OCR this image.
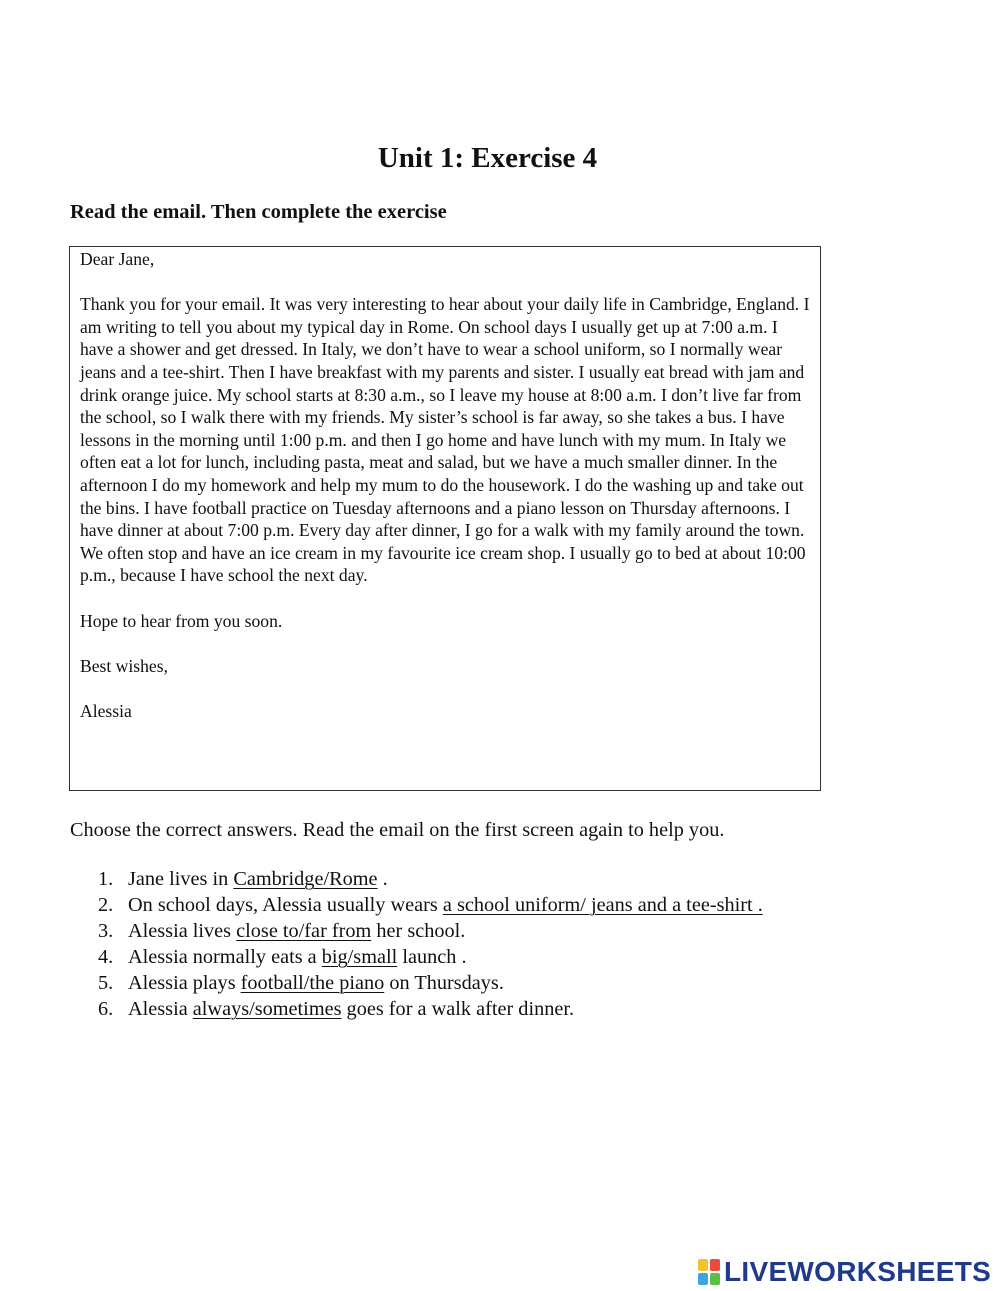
Unit 1: Exercise 4
Read the email. Then complete the exercise

Dear Jane,

Thank you for your email. It was very interesting to hear about your daily life in Cambridge, England. I am writing to tell you about my typical day in Rome. On school days I usually get up at 7:00 a.m. I have a shower and get dressed. In Italy, we don’t have to wear a school uniform, so I normally wear jeans and a tee-shirt. Then I have breakfast with my parents and sister. I usually eat bread with jam and drink orange juice. My school starts at 8:30 a.m., so I leave my house at 8:00 a.m. I don’t live far from the school, so I walk there with my friends. My sister’s school is far away, so she takes a bus. I have lessons in the morning until 1:00 p.m. and then I go home and have lunch with my mum. In Italy we often eat a lot for lunch, including pasta, meat and salad, but we have a much smaller dinner. In the afternoon I do my homework and help my mum to do the housework. I do the washing up and take out the bins. I have football practice on Tuesday afternoons and a piano lesson on Thursday afternoons. I have dinner at about 7:00 p.m. Every day after dinner, I go for a walk with my family around the town. We often stop and have an ice cream in my favourite ice cream shop. I usually go to bed at about 10:00 p.m., because I have school the next day.

Hope to hear from you soon.

Best wishes,

Alessia

Choose the correct answers. Read the email on the first screen again to help you.
1. Jane lives in Cambridge/Rome .
2. On school days, Alessia usually wears a school uniform/ jeans and a tee-shirt .
3. Alessia lives close to/far from her school.
4. Alessia normally eats a big/small launch .
5. Alessia plays football/the piano on Thursdays.
6. Alessia always/sometimes goes for a walk after dinner.
LIVEWORKSHEETS
